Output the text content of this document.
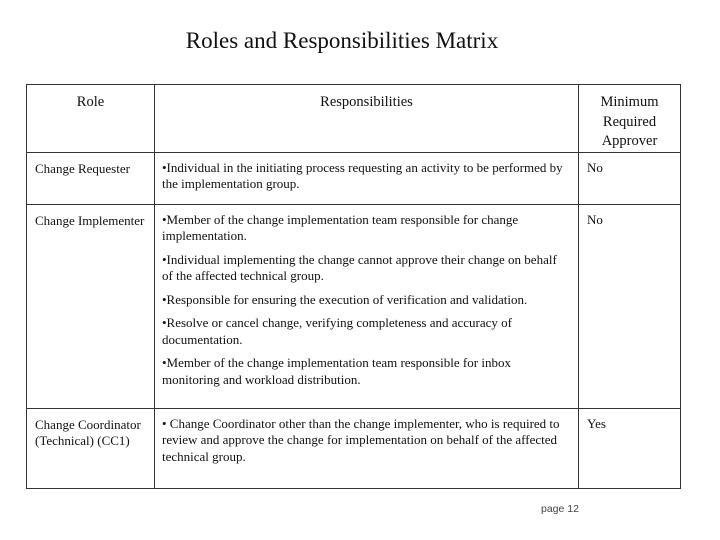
Roles and Responsibilities Matrix
Role	Responsibilities	Minimum
Required
Approver

Change Requester	•Individual in the initiating process requesting an activity to be performed by the implementation group.	No
Change Implementer	•Member of the change implementation team responsible for change implementation.
•Individual implementing the change cannot approve their change on behalf of the affected technical group.
•Responsible for ensuring the execution of verification and validation.
•Resolve or cancel change, verifying completeness and accuracy of documentation.
•Member of the change implementation team responsible for inbox monitoring and workload distribution.	No
Change Coordinator (Technical) (CC1)	• Change Coordinator other than the change implementer, who is required to review and approve the change for implementation on behalf of the affected technical group.	Yes
page 12
